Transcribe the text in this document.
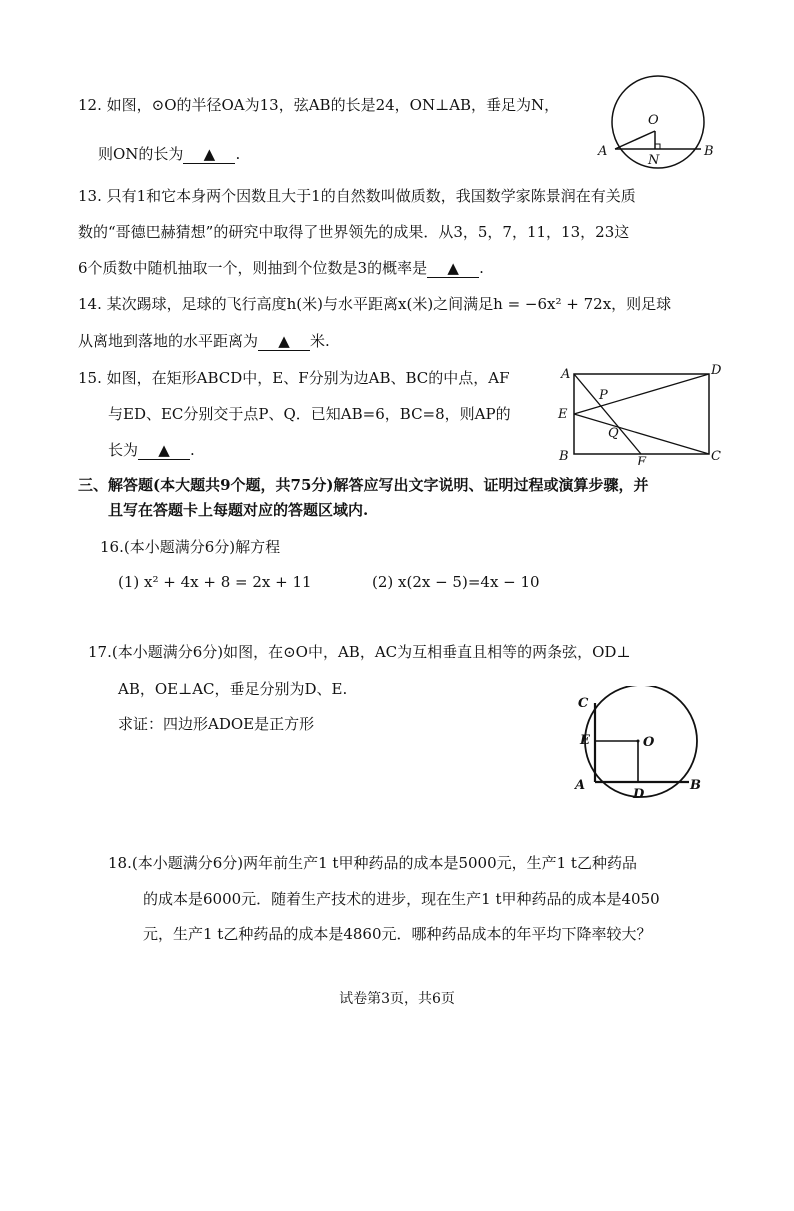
12. 如图，⊙O的半径OA为13，弦AB的长是24，ON⊥AB，垂足为N，
则ON的长为 ▲ .
O
A	B
N
13. 只有1和它本身两个因数且大于1的自然数叫做质数，我国数学家陈景润在有关质
数的“哥德巴赫猜想”的研究中取得了世界领先的成果．从3，5，7，11，13，23这
6个质数中随机抽取一个，则抽到个位数是3的概率是 ▲ .
14. 某次踢球，足球的飞行高度h(米)与水平距离x(米)之间满足h = −6x² + 72x，则足球
从离地到落地的水平距离为 ▲ 米.
15. 如图，在矩形ABCD中，E、F分别为边AB、BC的中点，AF
与ED、EC分别交于点P、Q．已知AB=6，BC=8，则AP的
长为 ▲ .
A	D
E
P
Q
B	F	C
三、解答题(本大题共9个题，共75分)解答应写出文字说明、证明过程或演算步骤，并
且写在答题卡上每题对应的答题区域内.
16.(本小题满分6分)解方程
(1) x² + 4x + 8 = 2x + 11	(2) x(2x − 5)=4x − 10
17.(本小题满分6分)如图，在⊙O中，AB，AC为互相垂直且相等的两条弦，OD⊥
AB，OE⊥AC，垂足分别为D、E.
求证：四边形ADOE是正方形
C
E	O
A
D
B
18.(本小题满分6分)两年前生产1 t甲种药品的成本是5000元，生产1 t乙种药品
的成本是6000元．随着生产技术的进步，现在生产1 t甲种药品的成本是4050
元，生产1 t乙种药品的成本是4860元．哪种药品成本的年平均下降率较大？
试卷第3页，共6页
